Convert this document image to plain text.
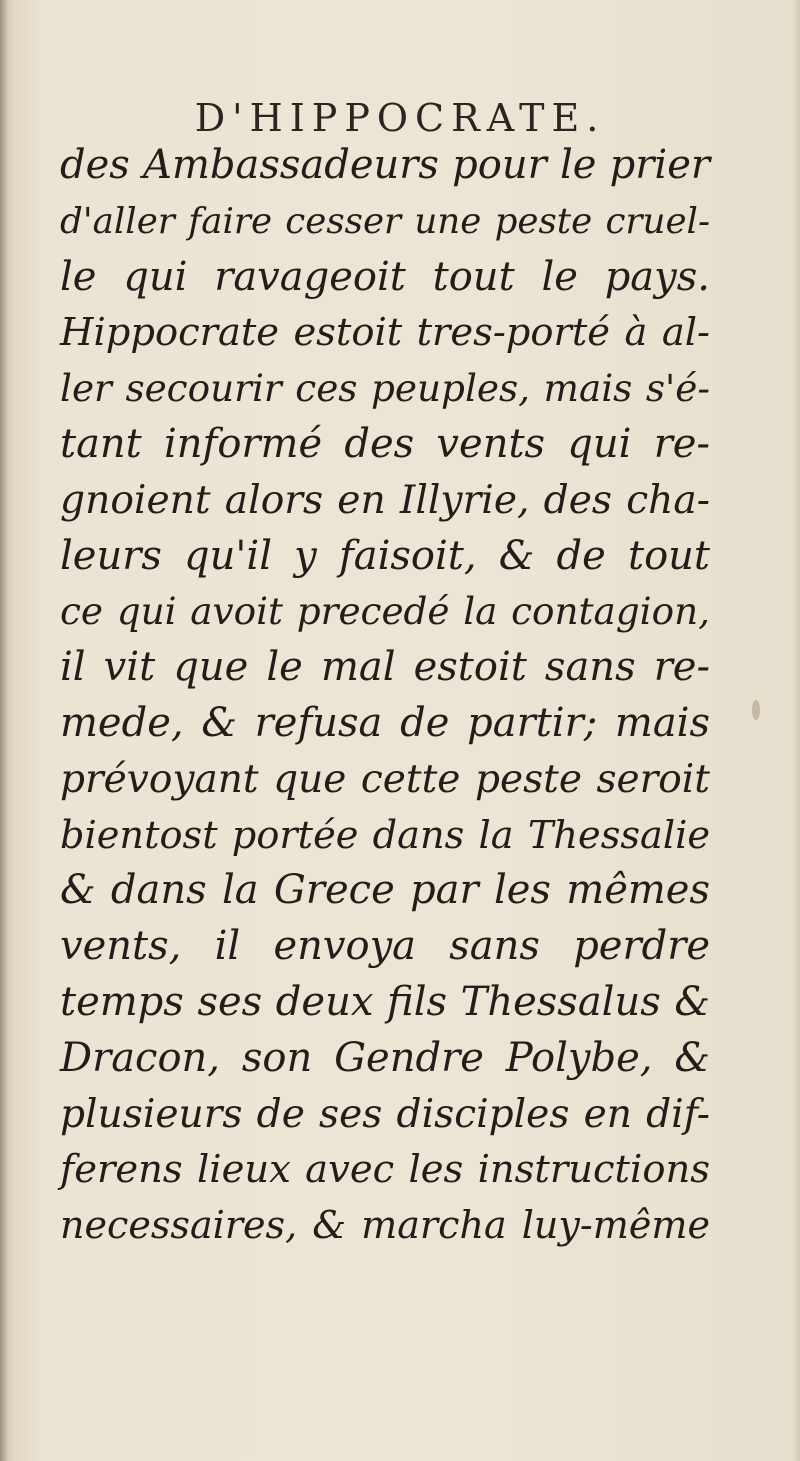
D'HIPPOCRATE.
des Ambassadeurs pour le prier
d'aller faire cesser une peste cruel-
le qui ravageoit tout le pays.
Hippocrate estoit tres-porté à al-
ler secourir ces peuples, mais s'é-
tant informé des vents qui re-
gnoient alors en Illyrie, des cha-
leurs qu'il y faisoit, & de tout
ce qui avoit precedé la contagion,
il vit que le mal estoit sans re-
mede, & refusa de partir; mais
prévoyant que cette peste seroit
bientost portée dans la Thessalie
& dans la Grece par les mêmes
vents, il envoya sans perdre
temps ses deux fils Thessalus &
Dracon, son Gendre Polybe, &
plusieurs de ses disciples en dif-
ferens lieux avec les instructions
necessaires, & marcha luy-même
